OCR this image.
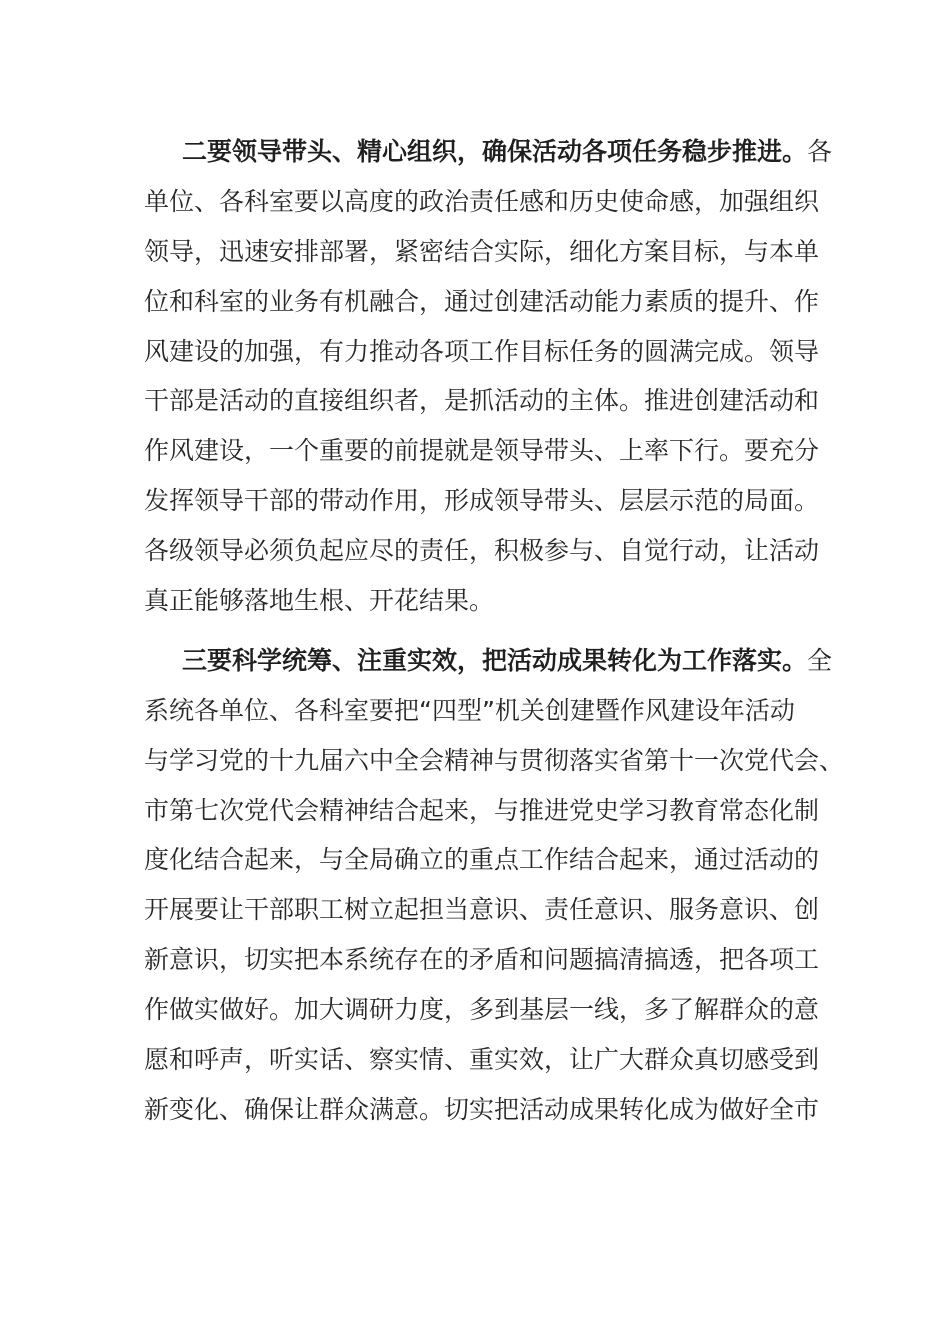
二要领导带头、精心组织，确保活动各项任务稳步推进。各
单位、各科室要以高度的政治责任感和历史使命感，加强组织
领导，迅速安排部署，紧密结合实际，细化方案目标，与本单
位和科室的业务有机融合，通过创建活动能力素质的提升、作
风建设的加强，有力推动各项工作目标任务的圆满完成。领导
干部是活动的直接组织者，是抓活动的主体。推进创建活动和
作风建设，一个重要的前提就是领导带头、上率下行。要充分
发挥领导干部的带动作用，形成领导带头、层层示范的局面。
各级领导必须负起应尽的责任，积极参与、自觉行动，让活动
真正能够落地生根、开花结果。
三要科学统筹、注重实效，把活动成果转化为工作落实。全
系统各单位、各科室要把“四型”机关创建暨作风建设年活动
与学习党的十九届六中全会精神与贯彻落实省第十一次党代会、
市第七次党代会精神结合起来，与推进党史学习教育常态化制
度化结合起来，与全局确立的重点工作结合起来，通过活动的
开展要让干部职工树立起担当意识、责任意识、服务意识、创
新意识，切实把本系统存在的矛盾和问题搞清搞透，把各项工
作做实做好。加大调研力度，多到基层一线，多了解群众的意
愿和呼声，听实话、察实情、重实效，让广大群众真切感受到
新变化、确保让群众满意。切实把活动成果转化成为做好全市
